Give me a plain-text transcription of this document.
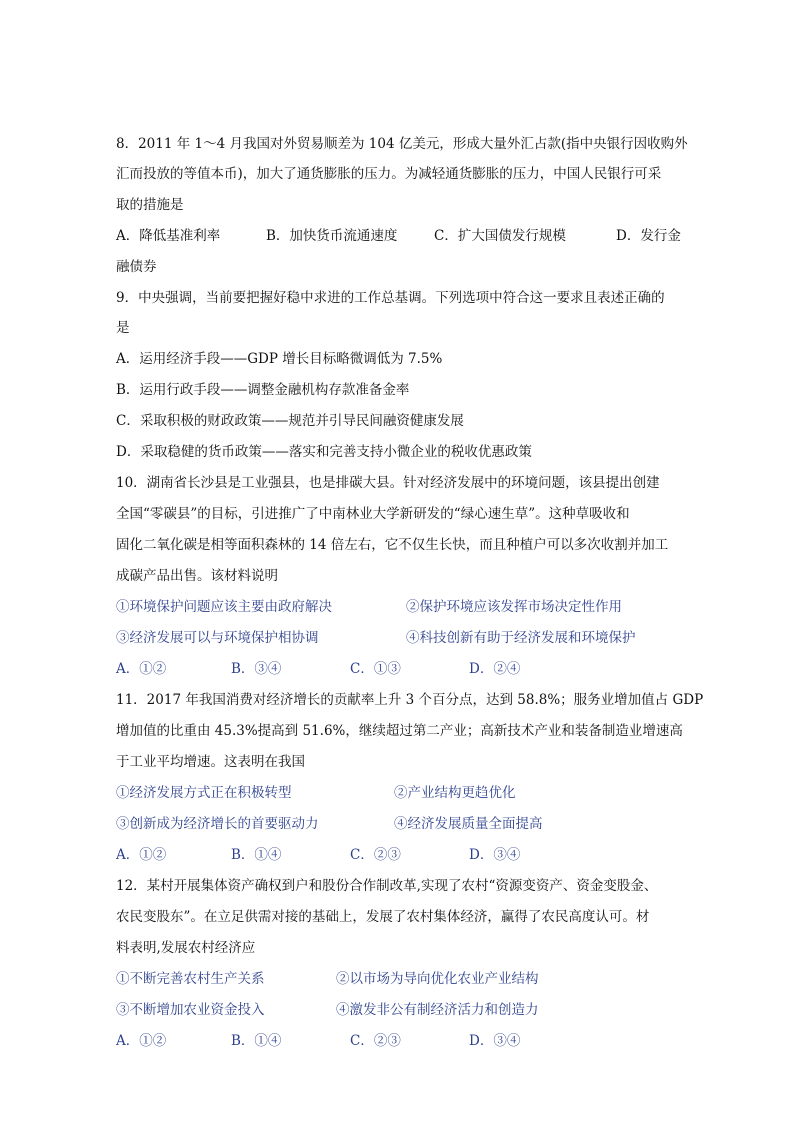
8．2011 年 1～4 月我国对外贸易顺差为 104 亿美元，形成大量外汇占款(指中央银行因收购外
汇而投放的等值本币)，加大了通货膨胀的压力。为减轻通货膨胀的压力，中国人民银行可采
取的措施是
A．降低基准利率	B．加快货币流通速度	C．扩大国债发行规模	D．发行金
融债券
9．中央强调，当前要把握好稳中求进的工作总基调。下列选项中符合这一要求且表述正确的
是
A．运用经济手段——GDP 增长目标略微调低为 7.5%
B．运用行政手段——调整金融机构存款准备金率
C．采取积极的财政政策——规范并引导民间融资健康发展
D．采取稳健的货币政策——落实和完善支持小微企业的税收优惠政策
10．湖南省长沙县是工业强县，也是排碳大县。针对经济发展中的环境问题，该县提出创建
全国“零碳县”的目标，引进推广了中南林业大学新研发的“绿心速生草”。这种草吸收和
固化二氧化碳是相等面积森林的 14 倍左右，它不仅生长快，而且种植户可以多次收割并加工
成碳产品出售。该材料说明
①环境保护问题应该主要由政府解决	②保护环境应该发挥市场决定性作用
③经济发展可以与环境保护相协调	④科技创新有助于经济发展和环境保护
A．①②	B．③④	C．①③	D．②④
11．2017 年我国消费对经济增长的贡献率上升 3 个百分点，达到 58.8%；服务业增加值占 GDP
增加值的比重由 45.3%提高到 51.6%，继续超过第二产业；高新技术产业和装备制造业增速高
于工业平均增速。这表明在我国
①经济发展方式正在积极转型	②产业结构更趋优化
③创新成为经济增长的首要驱动力	④经济发展质量全面提高
A．①②	B．①④	C．②③	D．③④
12．某村开展集体资产确权到户和股份合作制改革,实现了农村“资源变资产、资金变股金、
农民变股东”。在立足供需对接的基础上，发展了农村集体经济，赢得了农民高度认可。材
料表明,发展农村经济应
①不断完善农村生产关系	②以市场为导向优化农业产业结构
③不断增加农业资金投入	④激发非公有制经济活力和创造力
A．①②	B．①④	C．②③	D．③④
